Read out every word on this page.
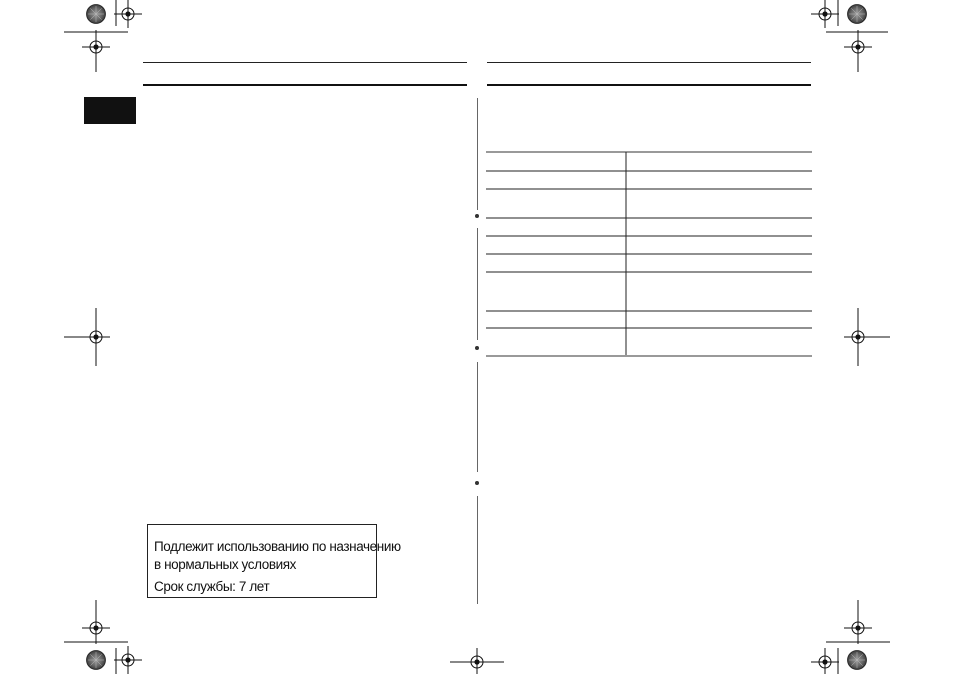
Подлежит использованию по назначению
в нормальных условиях
Срок службы: 7 лет
